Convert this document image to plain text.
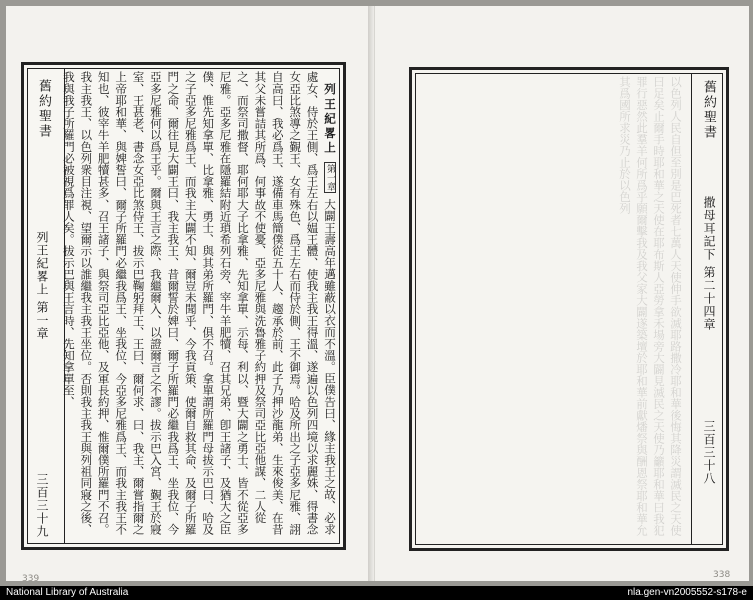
舊約聖書
列王紀畧上 第一章
三百三十九

列王紀畧上 第一章 大闢王壽高年邁雖蔽以衣而不溫。臣僕告曰、緣主我王之故、必求處女、侍於王側、爲王左右以媪王體、使我主我王得溫、遂遍以色列四境以求麗姝、得書念女亞比煞導之覲王、女有殊色、爲王左右而侍於側、王不御焉。哈及所出之子亞多尼雅、詡自高曰、我必爲王、遂備車馬簡僕從五十人、趨承於前、此子乃押沙龍弟、生來俊美、在昔其父未嘗詰其所爲、何事故不使憂、亞多尼雅與洗魯雅子約押及祭司亞比亞他謀、二人從之、而祭司撒督、耶何耶大子比拿雅、先知拿單、示每、利以、暨大闢之勇士、皆不從亞多尼雅。亞多尼雅在隱羅結附近瑣希列石旁、宰牛羊肥犢、召其兄弟、卽王諸子、及猶大之臣僕、惟先知拿單、比拿雅、勇士、與其弟所羅門、俱不召。拿單謂所羅門母拔示巴曰、哈及之子亞多尼雅爲王、而我主大闢不知、爾豈未聞乎、今我貢策、使爾自救其命、及爾子所羅門之命、爾往見大闢王曰、我主我王、昔爾誓於婢曰、爾子所羅門必繼我爲王、坐我位、今亞多尼雅何以爲王乎。爾與王言之際、我繼爾入、以證爾言之不謬。拔示巴入宮、覲王於寢室、王甚老、書念女亞比煞侍王、拔示巴鞠躬拜王、王曰、爾何求、曰、我主、爾嘗指爾之上帝耶和華、與婢誓曰、爾子所羅門必繼我爲王、坐我位、今亞多尼雅爲王、而我主我王不知也、彼宰牛羊肥犢甚多、召王諸子、與祭司亞比亞他、及軍長約押、惟爾僕所羅門不召。我主我王、以色列衆目注視、望爾示以誰繼我主我王坐位。否則我主我王與列祖同寢之後、我與我子所羅門必被視爲罪人矣。拔示巴與王言時、先知拿單至、

339
以色列人民自但至別是巴死者七萬人天使伸手欲滅耶路撒冷耶和華後悔其降災謂滅民之天使曰足矣止爾手時耶和華之天使在耶布斯人亞勞拿禾場旁大闢見滅民之天使乃籲耶和華曰我犯罪行惡然此羣羊何所爲乎願爾擊我及我父家大闢遂築壇於耶和華前獻燔祭與酬恩祭耶和華允其爲國所求災乃止於以色列	舊約聖書
撒母耳記下 第二十四章
三百三十八
338
National Library of Australia	nla.gen-vn2005552-s178-e
